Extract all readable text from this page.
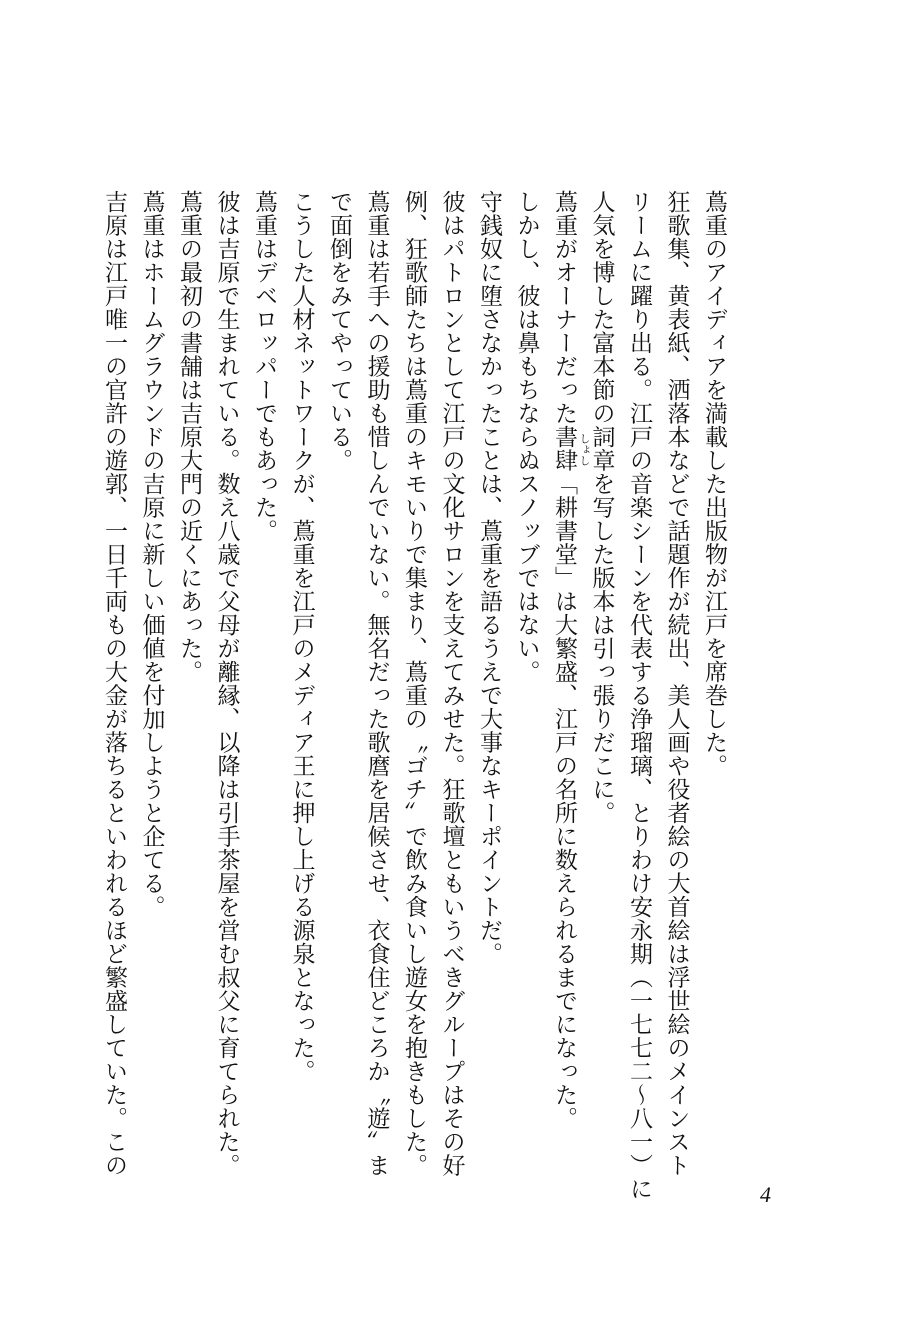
蔦重のアイディアを満載した出版物が江戸を席巻した。
狂歌集、黄表紙、洒落本などで話題作が続出、美人画や役者絵の大首絵は浮世絵のメインスト
リームに躍り出る。江戸の音楽シーンを代表する浄瑠璃、とりわけ安永期（一七七二〜八一）に
人気を博した富本節の詞章を写した版本は引っ張りだこに。
蔦重がオーナーだった書肆 しょし
「耕書堂」は大繁盛、江戸の名所に数えられるまでになった。
しかし、彼は鼻もちならぬスノッブではない。
守銭奴に堕さなかったことは、蔦重を語るうえで大事なキーポイントだ。
彼はパトロンとして江戸の文化サロンを支えてみせた。狂歌壇ともいうべきグループはその好
例、狂歌師たちは蔦重のキモいりで集まり、蔦重の〝ゴチ〟で飲み食いし遊女を抱きもした。
蔦重は若手への援助も惜しんでいない。無名だった歌麿を居候させ、衣食住どころか〝遊〟ま
で面倒をみてやっている。
こうした人材ネットワークが、蔦重を江戸のメディア王に押し上げる源泉となった。
蔦重はデベロッパーでもあった。
彼は吉原で生まれている。数え八歳で父母が離縁、以降は引手茶屋を営む叔父に育てられた。
蔦重の最初の書舗は吉原大門の近くにあった。
蔦重はホームグラウンドの吉原に新しい価値を付加しようと企てる。
吉原は江戸唯一の官許の遊郭、一日千両もの大金が落ちるといわれるほど繁盛していた。この
4
